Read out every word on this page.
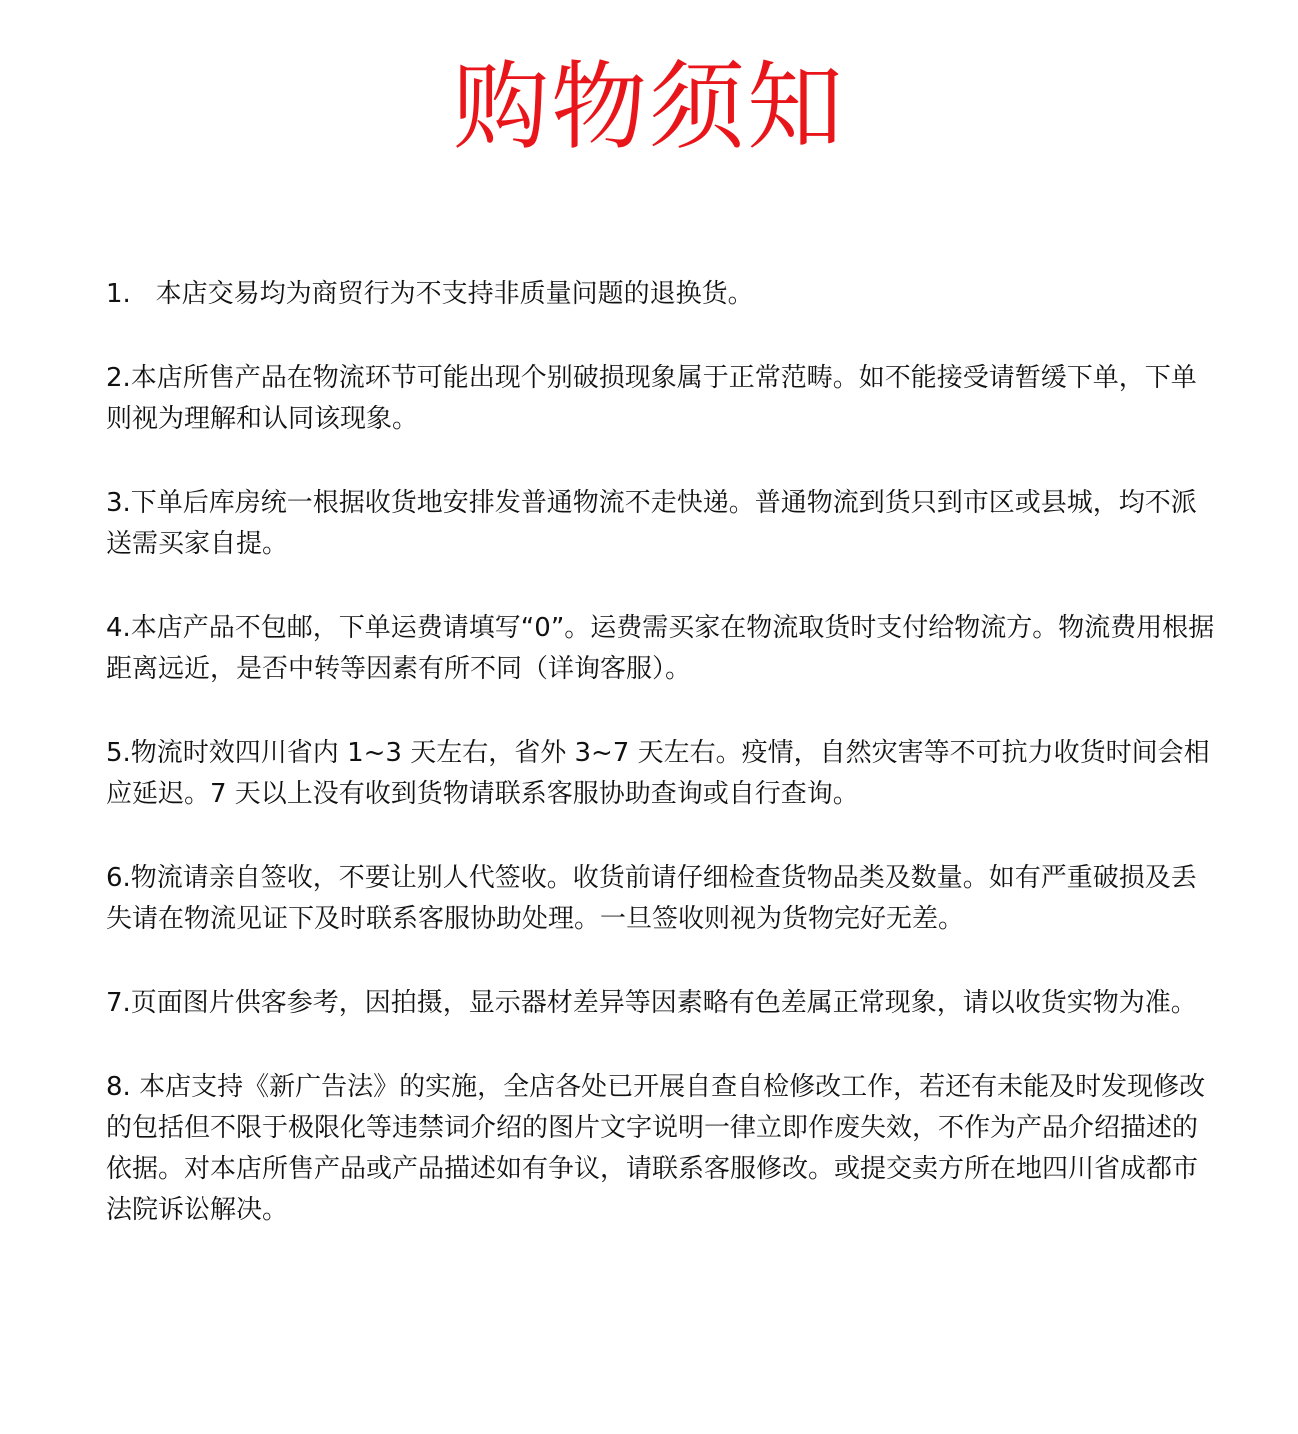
购物须知
1.   本店交易均为商贸行为不支持非质量问题的退换货。
2.本店所售产品在物流环节可能出现个别破损现象属于正常范畴。如不能接受请暂缓下单，下单则视为理解和认同该现象。
3.下单后库房统一根据收货地安排发普通物流不走快递。普通物流到货只到市区或县城，均不派送需买家自提。
4.本店产品不包邮，下单运费请填写“0”。运费需买家在物流取货时支付给物流方。物流费用根据距离远近，是否中转等因素有所不同（详询客服）。
5.物流时效四川省内 1~3 天左右，省外 3~7 天左右。疫情，自然灾害等不可抗力收货时间会相应延迟。7 天以上没有收到货物请联系客服协助查询或自行查询。
6.物流请亲自签收，不要让别人代签收。收货前请仔细检查货物品类及数量。如有严重破损及丢失请在物流见证下及时联系客服协助处理。一旦签收则视为货物完好无差。
7.页面图片供客参考，因拍摄，显示器材差异等因素略有色差属正常现象，请以收货实物为准。
8. 本店支持《新广告法》的实施，全店各处已开展自查自检修改工作，若还有未能及时发现修改的包括但不限于极限化等违禁词介绍的图片文字说明一律立即作废失效，不作为产品介绍描述的依据。对本店所售产品或产品描述如有争议，请联系客服修改。或提交卖方所在地四川省成都市法院诉讼解决。
